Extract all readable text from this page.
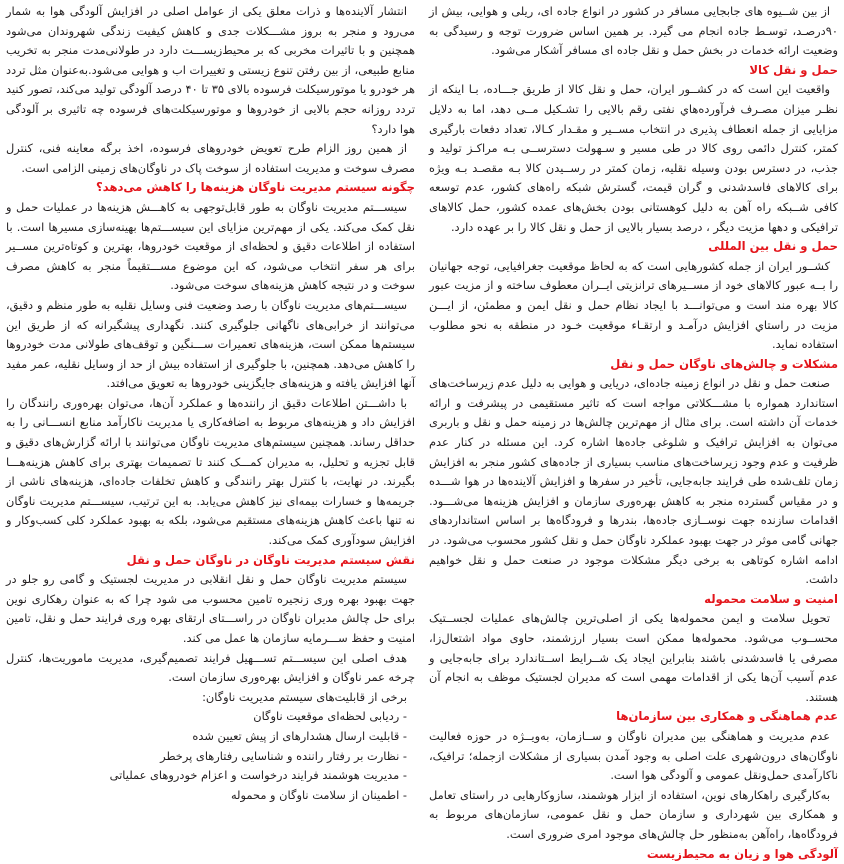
از بین شــیوه های جابجایی مسافر در کشور در انواع جاده ای، ریلی و هوایی، بیش از ۹۰درصـد، توسـط جاده انجام می گیرد. بر همین اساس ضرورت توجه و رسیدگی به وضعیت ارائه خدمات در بخش حمل و نقل جاده ای مسافر آشکار می‌شود.

حمل و نقل کالا

واقعیت این است که در کشــور ایران، حمل و نقل کالا از طریق جـــاده، بـا اینکه از نظـر میزان مصـرف فرآورده‌هاي نفتی رقم بالایی را تشـکیل مــی دهد، اما به دلایل مزایایی از جمله انعطاف پذیری در انتخاب مســیر و مقـدار کـالا، تعداد دفعات بارگیری کمتر، کنترل دائمی روی کالا در طی مسیر و سـهولت دسترســی بـه مراکـز تولید و جذب، در دسترس بودن وسیله نقلیه، زمان کمتر در رســیدن کالا بـه مقصـد بـه ویژه برای کالاهای فاسدشدنی و گران قیمت، گسترش شبکه راه‌های کشور، عدم توسعه کافی شــبکه راه آهن به دلیل کوهستانی بودن بخش‌های عمده کشور، حمل کالاهای ترافیکی و دهها مزیت دیگر ، درصد بسیار بالایی از حمل و نقل کالا را بر عهده دارد.

حمل و نقل بین المللی

کشــور ایران از جمله کشورهایی است که به لحاظ موقعیت جغرافیایی، توجه جهانیان را بــه عبور کالاهای خود از مســیرهای ترانزیتی ایــران معطوف ساخته و از مزیت عبور کالا بهره مند است و می‌توانـــد با ایجاد نظام حمل و نقل ایمن و مطمئن، از ایـــن مزیت در راستاي افزایش درآمـد و ارتقـاء موقعیت خـود در منطقه به نحو مطلوب استفاده نماید.

مشکلات و چالش‌های ناوگان حمل و نقل

صنعت حمل و نقل در انواع زمینه جاده‌ای، دریایی و هوایی به دلیل عدم زیرساخت‌های استاندارد همواره با مشـــکلاتی مواجه است که تاثیر مستقیمی در پیشرفت و ارائه خدمات آن داشته است. برای مثال از مهم‌ترین چالش‌ها در زمینه حمل و نقل و باربری می‌توان به افزایش ترافیک و شلوغی جاده‌ها اشاره کرد. این مسئله در کنار عدم ظرفیت و عدم وجود زیرساخت‌های مناسب بسیاری از جاده‌های کشور منجر به افزایش زمان تلف‌شده طی فرایند جابه‌جایی، تأخیر در سفرها و افزایش آلاینده‌ها در هوا شـــده و در مقیاس گسترده منجر به کاهش بهره‌وری سازمان و افزایش هزینه‌ها می‌شـــود. اقدامات سازنده جهت نوســازی جاده‌ها، بندرها و فرودگاه‌ها بر اساس استانداردهای جهانی گامی موثر در جهت بهبود عملکرد ناوگان حمل و نقل کشور محسوب می‌شود. در ادامه اشاره کوتاهی به برخی دیگر مشکلات موجود در صنعت حمل و نقل خواهیم داشت.

امنیت و سلامت محموله

تحویل سلامت و ایمن محموله‌ها یکی از اصلی‌ترین چالش‌های عملیات لجســتیک محســوب می‌شود. محموله‌ها ممکن است بسیار ارزشمند، حاوی مواد اشتعال‌زا، مصرفی یا فاسدشدنی باشند بنابراین ایجاد یک شــرایط اســتاندارد برای جابه‌جایی و عدم آسیب آن‌ها یکی از اقدامات مهمی است که مدیران لجستیک موظف به انجام آن هستند.

عدم هماهنگی و همکاری بین سازمان‌ها

عدم مدیریت و هماهنگی بین مدیران ناوگان و ســازمان، به‌ویــژه در حوزه فعالیت ناوگان‌های درون‌شهری علت اصلی به وجود آمدن بسیاری از مشکلات ازجمله؛ ترافیک، ناکارآمدی حمل‌ونقل عمومی و آلودگی هوا است.

به‌کارگیری راهکارهای نوین، استفاده از ابزار هوشمند، سازوکارهایی در راستای تعامل و همکاری بین شهرداری و سازمان حمل و نقل عمومی، سازمان‌های مربوط به فرودگاه‌ها، راه‌آهن به‌منظور حل چالش‌های موجود امری ضروری است.

آلودگی هوا و زیان به محیط‌زیست

انتشار آلاینده‌ها و ذرات معلق یکی از عوامل اصلی در افزایش آلودگی هوا به شمار می‌رود و منجر به بروز مشـــکلات جدی و کاهش کیفیت زندگی شهروندان می‌شود همچنین و با تاثیرات مخربی که بر محیط‌زیســـت دارد در طولانی‌مدت منجر به تخریب منابع طبیعی، از بین رفتن تنوع زیستی و تغییرات اب و هوایی می‌شود.به‌عنوان مثل تردد هر خودرو یا موتورسیکلت فرسوده بالای ۳۵ تا ۴۰ درصد آلودگی تولید می‌کند، تصور کنید تردد روزانه حجم بالایی از خودروها و موتورسیکلت‌های فرسوده چه تاثیری بر آلودگی هوا دارد؟

از همین روز الزام طرح تعویض خودروهای فرسوده، اخذ برگه معاینه فنی، کنترل مصرف سوخت و مدیریت استفاده از سوخت پاک در ناوگان‌های زمینی الزامی است.

چگونه سیستم مدیریت ناوگان هزینه‌ها را کاهش می‌دهد؟

سیســـتم مدیریت ناوگان به طور قابل‌توجهی به کاهـــش هزینه‌ها در عملیات حمل و نقل کمک می‌کند. یکی از مهم‌ترین مزایای این سیســـتم‌ها بهینه‌سازی مسیرها است. با استفاده از اطلاعات دقیق و لحظه‌ای از موقعیت خودروها، بهترین و کوتاه‌ترین مســیر برای هر سفر انتخاب می‌شود، که این موضوع مســـتقیماً منجر به کاهش مصرف سوخت و در نتیجه کاهش هزینه‌های سوخت می‌شود.

سیســـتم‌های مدیریت ناوگان با رصد وضعیت فنی وسایل نقلیه به طور منظم و دقیق، می‌توانند از خرابی‌های ناگهانی جلوگیری کنند. نگهداری پیشگیرانه که از طریق این سیستم‌ها ممکن است، هزینه‌های تعمیرات ســـنگین و توقف‌های طولانی مدت خودروها را کاهش می‌دهد. همچنین، با جلوگیری از استفاده بیش از حد از وسایل نقلیه، عمر مفید آنها افزایش یافته و هزینه‌های جایگزینی خودروها به تعویق می‌افتد.

با داشـــتن اطلاعات دقیق از راننده‌ها و عملکرد آن‌ها، می‌توان بهره‌وری رانندگان را افزایش داد و هزینه‌های مربوط به اضافه‌کاری یا مدیریت ناکارآمد منابع انســـانی را به حداقل رساند. همچنین سیستم‌های مدیریت ناوگان می‌توانند با ارائه گزارش‌های دقیق و قابل تجزیه و تحلیل، به مدیران کمـــک کنند تا تصمیمات بهتری برای کاهش هزینه‌هـــا بگیرند. در نهایت، با کنترل بهتر رانندگی و کاهش تخلفات جاده‌ای، هزینه‌های ناشی از جریمه‌ها و خسارات بیمه‌ای نیز کاهش می‌یابد. به این ترتیب، سیســـتم مدیریت ناوگان نه تنها باعث کاهش هزینه‌های مستقیم می‌شود، بلکه به بهبود عملکرد کلی کسب‌وکار و افزایش سودآوری کمک می‌کند.

نقش سیستم مدیریت ناوگان در ناوگان حمل و نقل

سیستم مدیریت ناوگان حمل و نقل انقلابی در مدیریت لجستیک و گامی رو جلو در جهت بهبود بهره وری زنجیره تامین محسوب می شود چرا که به عنوان رهکاری نوین برای حل چالش مدیران ناوگان در راســـتای ارتقای بهره وری فرایند حمل و نقل، تامین امنیت و حفظ ســـرمایه سازمان ها عمل می کند.

هدف اصلی این سیســـتم تســـهیل فرایند تصمیم‌گیری، مدیریت ماموریت‌ها، کنترل چرخه عمر ناوگان و افزایش بهره‌وری سازمان است.

برخی از قابلیت‌های سیستم مدیریت ناوگان:

- ردیابی لحظه‌ای موقعیت ناوگان
- قابلیت ارسال هشدارهای از پیش تعیین شده
- نظارت بر رفتار راننده و شناسایی رفتارهای پرخطر
- مدیریت هوشمند فرایند درخواست و اعزام خودروهای عملیاتی
- اطمینان از سلامت ناوگان و محموله
